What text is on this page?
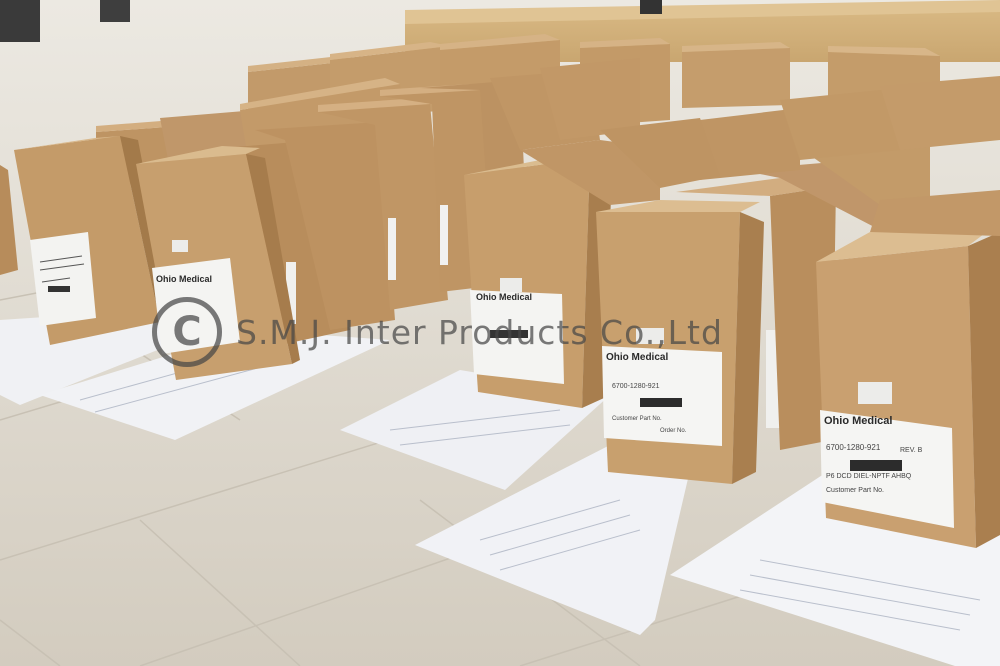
Ohio Medical
Ohio Medical
Ohio Medical
Ohio Medical
6700-1280-921
6700-1280-921	REV. B
P6 DCD DIEL-NPTF AHBQ
Customer Part No.
Customer Part No.
Order No.
C	S.M.J. Inter Products Co.,Ltd
